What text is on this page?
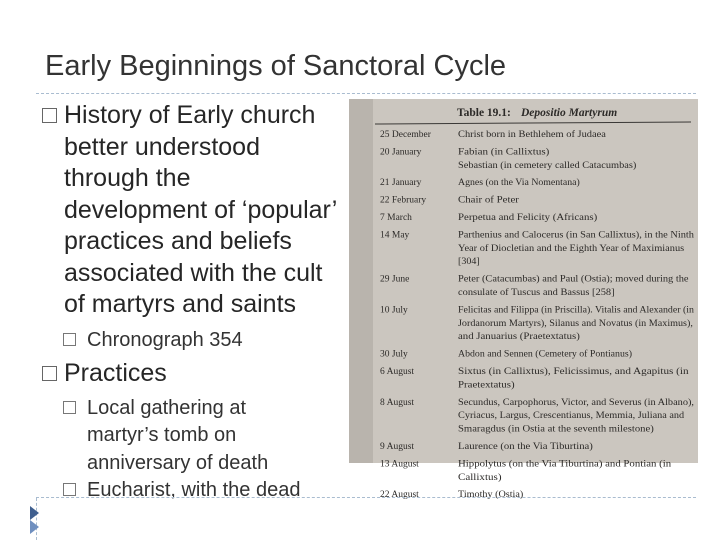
Early Beginnings of Sanctoral Cycle
History of Early church
better understood
through the
development of ‘popular’
practices and beliefs
associated with the cult
of martyrs and saints
Chronograph 354
Practices
Local gathering at
martyr’s tomb on
anniversary of death
Eucharist, with the dead
Table 19.1: Depositio Martyrum
25 December	Christ born in Bethlehem of Judaea
20 January	Fabian (in Callixtus)
Sebastian (in cemetery called Catacumbas)
21 January	Agnes (on the Via Nomentana)
22 February	Chair of Peter
7 March	Perpetua and Felicity (Africans)
14 May	Parthenius and Calocerus (in San Callixtus), in the Ninth
Year of Diocletian and the Eighth Year of Maximianus
[304]
29 June	Peter (Catacumbas) and Paul (Ostia); moved during the
consulate of Tuscus and Bassus [258]
10 July	Felicitas and Filippa (in Priscilla). Vitalis and Alexander (in
Jordanorum Martyrs), Silanus and Novatus (in Maximus),
and Januarius (Praetextatus)
30 July	Abdon and Sennen (Cemetery of Pontianus)
6 August	Sixtus (in Callixtus), Felicissimus, and Agapitus (in
Praetextatus)
8 August	Secundus, Carpophorus, Victor, and Severus (in Albano),
Cyriacus, Largus, Crescentianus, Memmia, Juliana and
Smaragdus (in Ostia at the seventh milestone)
9 August	Laurence (on the Via Tiburtina)
13 August	Hippolytus (on the Via Tiburtina) and Pontian (in
Callixtus)
22 August	Timothy (Ostia)
